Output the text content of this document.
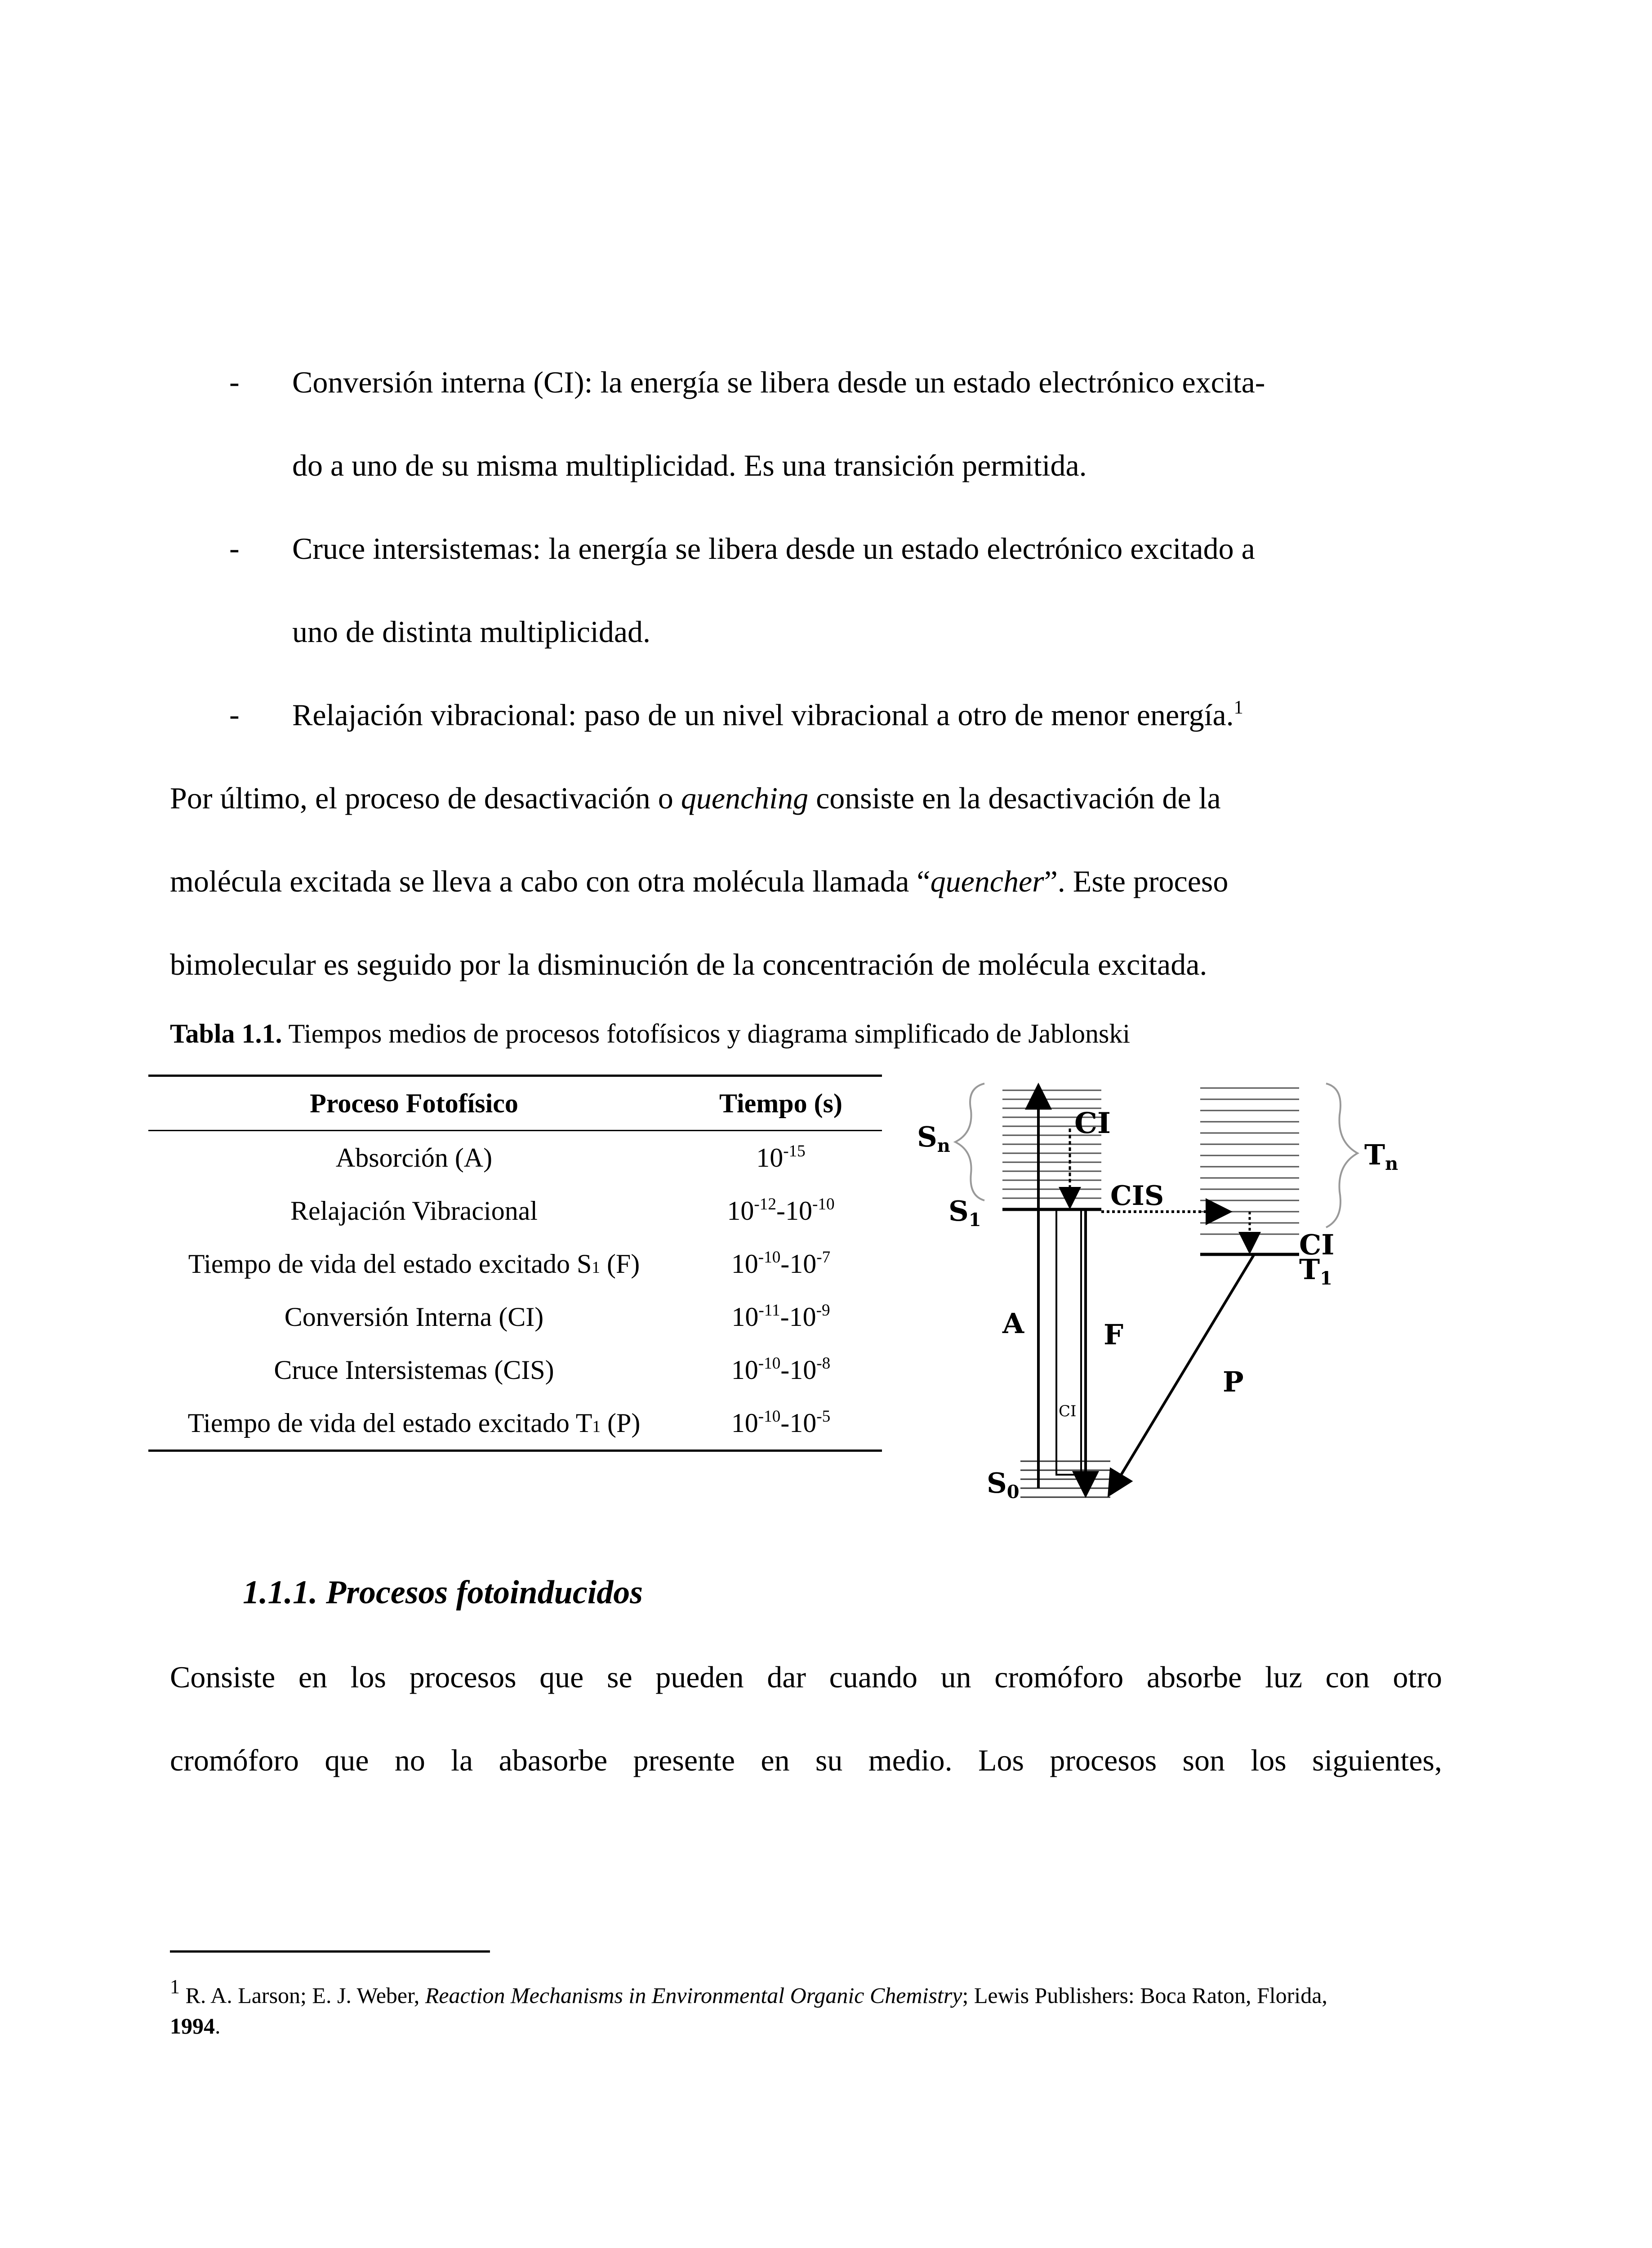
- Conversión interna (CI): la energía se libera desde un estado electrónico excita-
do a uno de su misma multiplicidad. Es una transición permitida.
- Cruce intersistemas: la energía se libera desde un estado electrónico excitado a
uno de distinta multiplicidad.
- Relajación vibracional: paso de un nivel vibracional a otro de menor energía.$^1$
Por último, el proceso de desactivación o quenching consiste en la desactivación de la
molécula excitada se lleva a cabo con otra molécula llamada “quencher”. Este proceso
bimolecular es seguido por la disminución de la concentración de molécula excitada.
Tabla 1.1. Tiempos medios de procesos fotofísicos y diagrama simplificado de Jablonski
Proceso Fotofísico	Tiempo (s)
Absorción (A)	$10^{-15}$
Relajación Vibracional	$10^{-12}-10^{-10}$
Tiempo de vida del estado excitado S1 (F)	$10^{-10}-10^{-7}$
Conversión Interna (CI)	$10^{-11}-10^{-9}$
Cruce Intersistemas (CIS)	$10^{-10}-10^{-8}$
Tiempo de vida del estado excitado T1 (P)	$10^{-10}-10^{-5}$
Sn
S1
S0
Tn
T1
CI
CIS
CI
A	F
P
CI
1.1.1. Procesos fotoinducidos
Consiste en los procesos que se pueden dar cuando un cromóforo absorbe luz con otro
cromóforo que no la abasorbe presente en su medio. Los procesos son los siguientes,
1 R. A. Larson; E. J. Weber, Reaction Mechanisms in Environmental Organic Chemistry; Lewis Publishers: Boca Raton, Florida,
1994.
